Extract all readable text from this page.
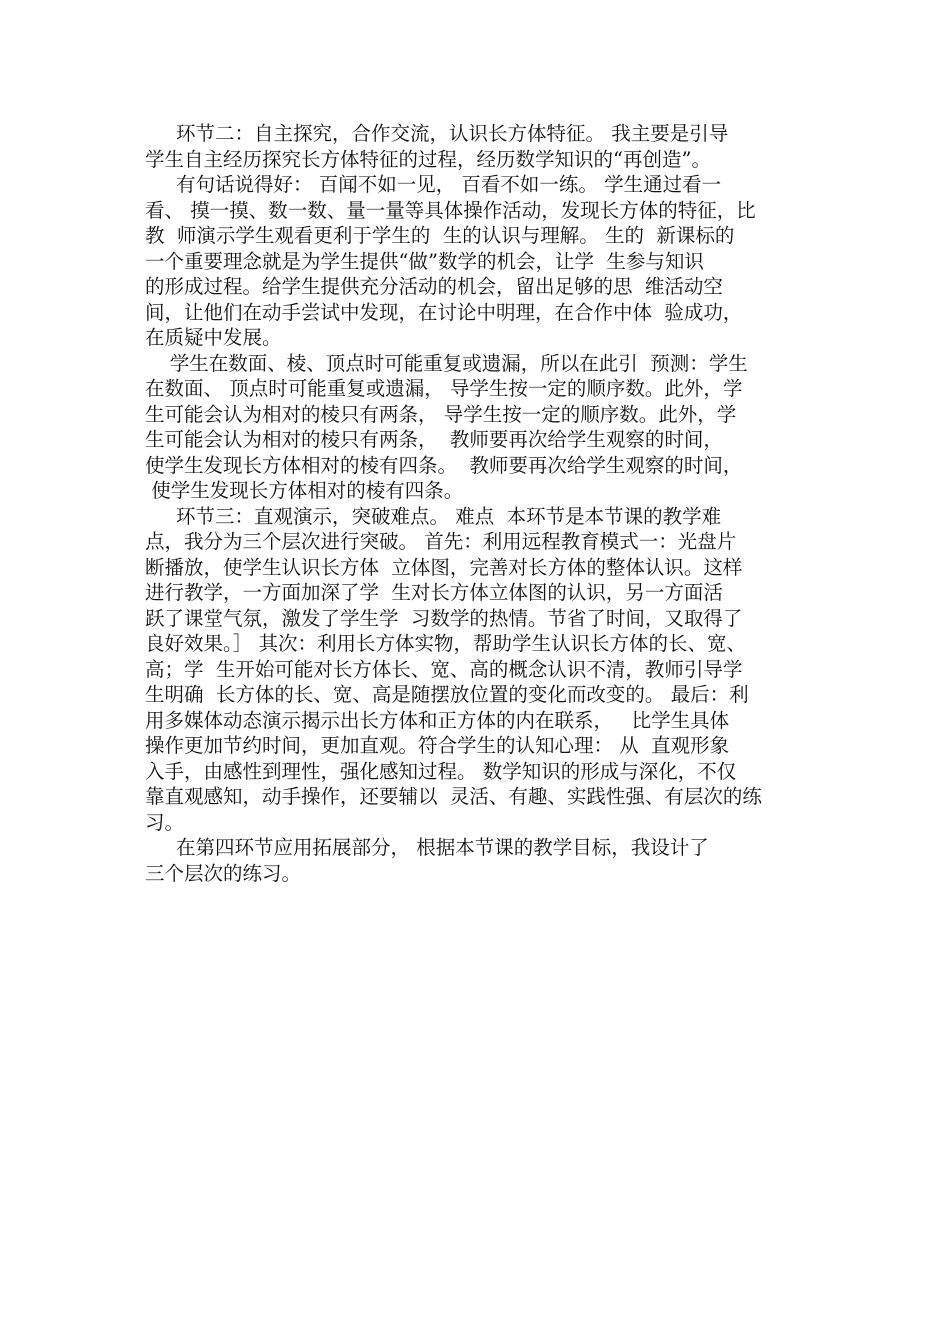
环节二：自主探究，合作交流，认识长方体特征。 我主要是引导
学生自主经历探究长方体特征的过程，经历数学知识的“再创造”。
有句话说得好： 百闻不如一见， 百看不如一练。 学生通过看一
看、 摸一摸、数一数、量一量等具体操作活动，发现长方体的特征，比
教  师演示学生观看更利于学生的  生的认识与理解。 生的  新课标的
一个重要理念就是为学生提供“做”数学的机会，让学  生参与知识
的形成过程。给学生提供充分活动的机会，留出足够的思  维活动空
间，让他们在动手尝试中发现，在讨论中明理，在合作中体  验成功，
在质疑中发展。
学生在数面、棱、顶点时可能重复或遗漏，所以在此引  预测：学生
在数面、 顶点时可能重复或遗漏， 导学生按一定的顺序数。此外，学
生可能会认为相对的棱只有两条， 导学生按一定的顺序数。此外，学
生可能会认为相对的棱只有两条，  教师要再次给学生观察的时间，
使学生发现长方体相对的棱有四条。  教师要再次给学生观察的时间，
使学生发现长方体相对的棱有四条。
环节三：直观演示，突破难点。 难点  本环节是本节课的教学难
点，我分为三个层次进行突破。 首先：利用远程教育模式一：光盘片
断播放，使学生认识长方体  立体图，完善对长方体的整体认识。这样
进行教学，一方面加深了学  生对长方体立体图的认识，另一方面活
跃了课堂气氛，激发了学生学  习数学的热情。节省了时间，又取得了
良好效果。］ 其次：利用长方体实物，帮助学生认识长方体的长、宽、
高；学  生开始可能对长方体长、宽、高的概念认识不清，教师引导学
生明确  长方体的长、宽、高是随摆放位置的变化而改变的。 最后：利
用多媒体动态演示揭示出长方体和正方体的内在联系，   比学生具体
操作更加节约时间，更加直观。符合学生的认知心理： 从  直观形象
入手，由感性到理性，强化感知过程。 数学知识的形成与深化，不仅
靠直观感知，动手操作，还要辅以  灵活、有趣、实践性强、有层次的练
习。
在第四环节应用拓展部分， 根据本节课的教学目标，我设计了
三个层次的练习。
